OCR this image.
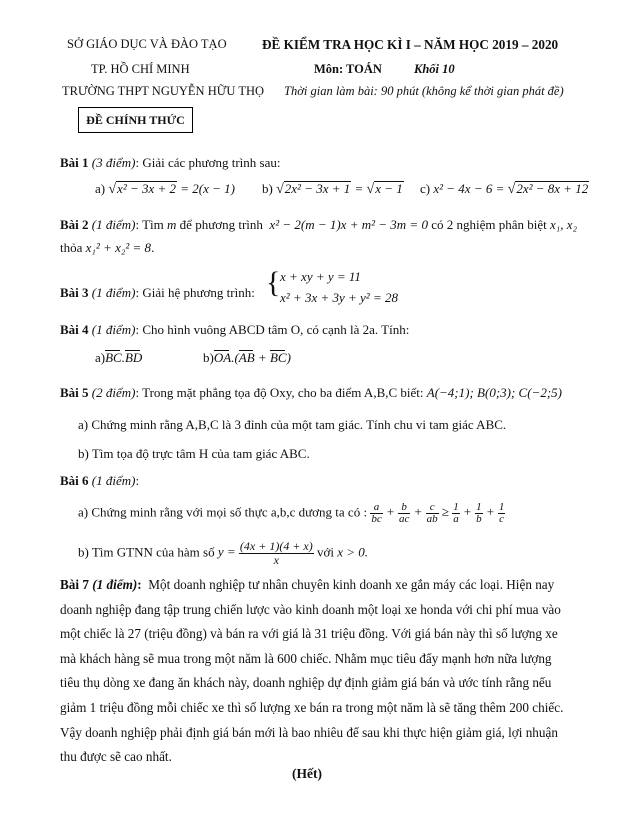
SỞ GIÁO DỤC VÀ ĐÀO TẠO
TP. HỒ CHÍ MINH
TRƯỜNG THPT NGUYỄN HỮU THỌ
ĐỀ KIỂM TRA HỌC KÌ I – NĂM HỌC 2019 – 2020
Môn: TOÁN	Khối 10
Thời gian làm bài: 90 phút (không kể thời gian phát đề)
ĐỀ CHÍNH THỨC
Bài 1 (3 điểm): Giải các phương trình sau:
a) √x² − 3x + 2 = 2(x − 1) b) √2x² − 3x + 1 = √x − 1 c) x² − 4x − 6 = √2x² − 8x + 12
Bài 2 (1 điểm): Tìm m để phương trình  x² − 2(m − 1)x + m² − 3m = 0 có 2 nghiệm phân biệt x₁, x₂
thỏa x₁² + x₂² = 8.
Bài 3 (1 điểm): Giải hệ phương trình: { x + xy + y = 11
x² + 3x + 3y + y² = 28
Bài 4 (1 điểm): Cho hình vuông ABCD tâm O, có cạnh là 2a. Tính:
a)BC.BD	b)OA.(AB + BC)
Bài 5 (2 điểm): Trong mặt phẳng tọa độ Oxy, cho ba điểm A,B,C biết: A(−4;1); B(0;3); C(−2;5)
a) Chứng minh rằng A,B,C là 3 đỉnh của một tam giác. Tính chu vi tam giác ABC.
b) Tìm tọa độ trực tâm H của tam giác ABC.
Bài 6 (1 điểm):
a) Chứng minh rằng với mọi số thực a,b,c dương ta có : $\frac{a}{bc} + \frac{b}{ac} + \frac{c}{ab} \ge \frac{1}{a} + \frac{1}{b} + \frac{1}{c}$
b) Tìm GTNN của hàm số $y = \frac{(4x + 1)(4 + x)}{x}$ với x > 0.
Bài 7 (1 điểm): Một doanh nghiệp tư nhân chuyên kinh doanh xe gắn máy các loại. Hiện nay
doanh nghiệp đang tập trung chiến lược vào kinh doanh một loại xe honda với chi phí mua vào
một chiếc là 27 (triệu đồng) và bán ra với giá là 31 triệu đồng. Với giá bán này thì số lượng xe
mà khách hàng sẽ mua trong một năm là 600 chiếc. Nhằm mục tiêu đẩy mạnh hơn nữa lượng
tiêu thụ dòng xe đang ăn khách này, doanh nghiệp dự định giảm giá bán và ước tính rằng nếu
giảm 1 triệu đồng mỗi chiếc xe thì số lượng xe bán ra trong một năm là sẽ tăng thêm 200 chiếc.
Vậy doanh nghiệp phải định giá bán mới là bao nhiêu để sau khi thực hiện giảm giá, lợi nhuận
thu được sẽ cao nhất.
(Hết)
